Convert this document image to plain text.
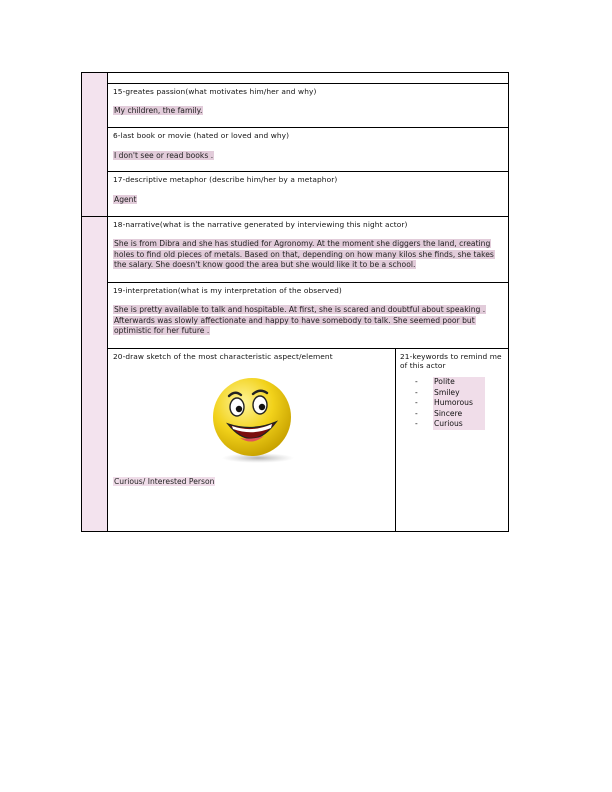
15-greates passion(what motivates him/her and why)
My children, the family.
6-last book or movie (hated or loved and why)
I don't see or read books .
17-descriptive metaphor (describe him/her by a metaphor)
Agent
18-narrative(what is the narrative generated by interviewing this night actor)
She is from Dibra and she has studied for Agronomy. At the moment she diggers the land, creating holes to find old pieces of metals. Based on that, depending on how many kilos she finds, she takes the salary. She doesn't know good the area but she would like it to be a school.
19-interpretation(what is my interpretation of the observed)
She is pretty available to talk and hospitable. At first, she is scared and doubtful about speaking . Afterwards was slowly affectionate and happy to have somebody to talk. She seemed poor but optimistic for her future .
20-draw sketch of the most characteristic aspect/element
Curious/ Interested Person
21-keywords to remind me
of this actor
- Polite
- Smiley
- Humorous
- Sincere
- Curious
